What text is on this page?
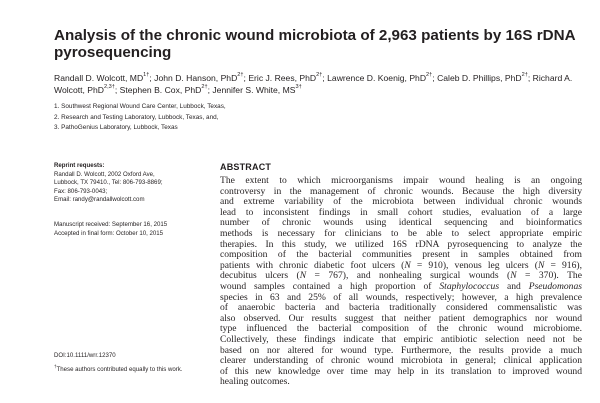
Analysis of the chronic wound microbiota of 2,963 patients by 16S rDNA pyrosequencing
Randall D. Wolcott, $MD^{1\dagger}$; John D. Hanson, PhD$^{2\dagger}$; Eric J. Rees, PhD$^{2\dagger}$; Lawrence D. Koenig, PhD$^{2\dagger}$; Caleb D. Phillips, PhD$^{2\dagger}$; Richard A. Wolcott, PhD$^{2,3\dagger}$; Stephen B. Cox, PhD$^{2\dagger}$; Jennifer S. White, $MS^{3\dagger}$
1. Southwest Regional Wound Care Center, Lubbock, Texas,
2. Research and Testing Laboratory, Lubbock, Texas, and,
3. PathoGenius Laboratory, Lubbock, Texas
Reprint requests:
Randall D. Wolcott, 2002 Oxford Ave,
Lubbock, TX 79410., Tel: 806-793-8869;
Fax: 806-793-0043;
Email: randy@randallwolcott.com
Manuscript received: September 16, 2015
Accepted in final form: October 10, 2015
DOI:10.1111/wrr.12370
†These authors contributed equally to this work.
ABSTRACT
The extent to which microorganisms impair wound healing is an ongoing
controversy in the management of chronic wounds. Because the high diversity
and extreme variability of the microbiota between individual chronic wounds
lead to inconsistent findings in small cohort studies, evaluation of a large
number of chronic wounds using identical sequencing and bioinformatics
methods is necessary for clinicians to be able to select appropriate empiric
therapies. In this study, we utilized 16S rDNA pyrosequencing to analyze the
composition of the bacterial communities present in samples obtained from
patients with chronic diabetic foot ulcers (N = 910), venous leg ulcers (N = 916),
decubitus ulcers (N = 767), and nonhealing surgical wounds (N = 370). The
wound samples contained a high proportion of Staphylococcus and Pseudomonas
species in 63 and 25% of all wounds, respectively; however, a high prevalence
of anaerobic bacteria and bacteria traditionally considered commensalistic was
also observed. Our results suggest that neither patient demographics nor wound
type influenced the bacterial composition of the chronic wound microbiome.
Collectively, these findings indicate that empiric antibiotic selection need not be
based on nor altered for wound type. Furthermore, the results provide a much
clearer understanding of chronic wound microbiota in general; clinical application
of this new knowledge over time may help in its translation to improved wound
healing outcomes.
